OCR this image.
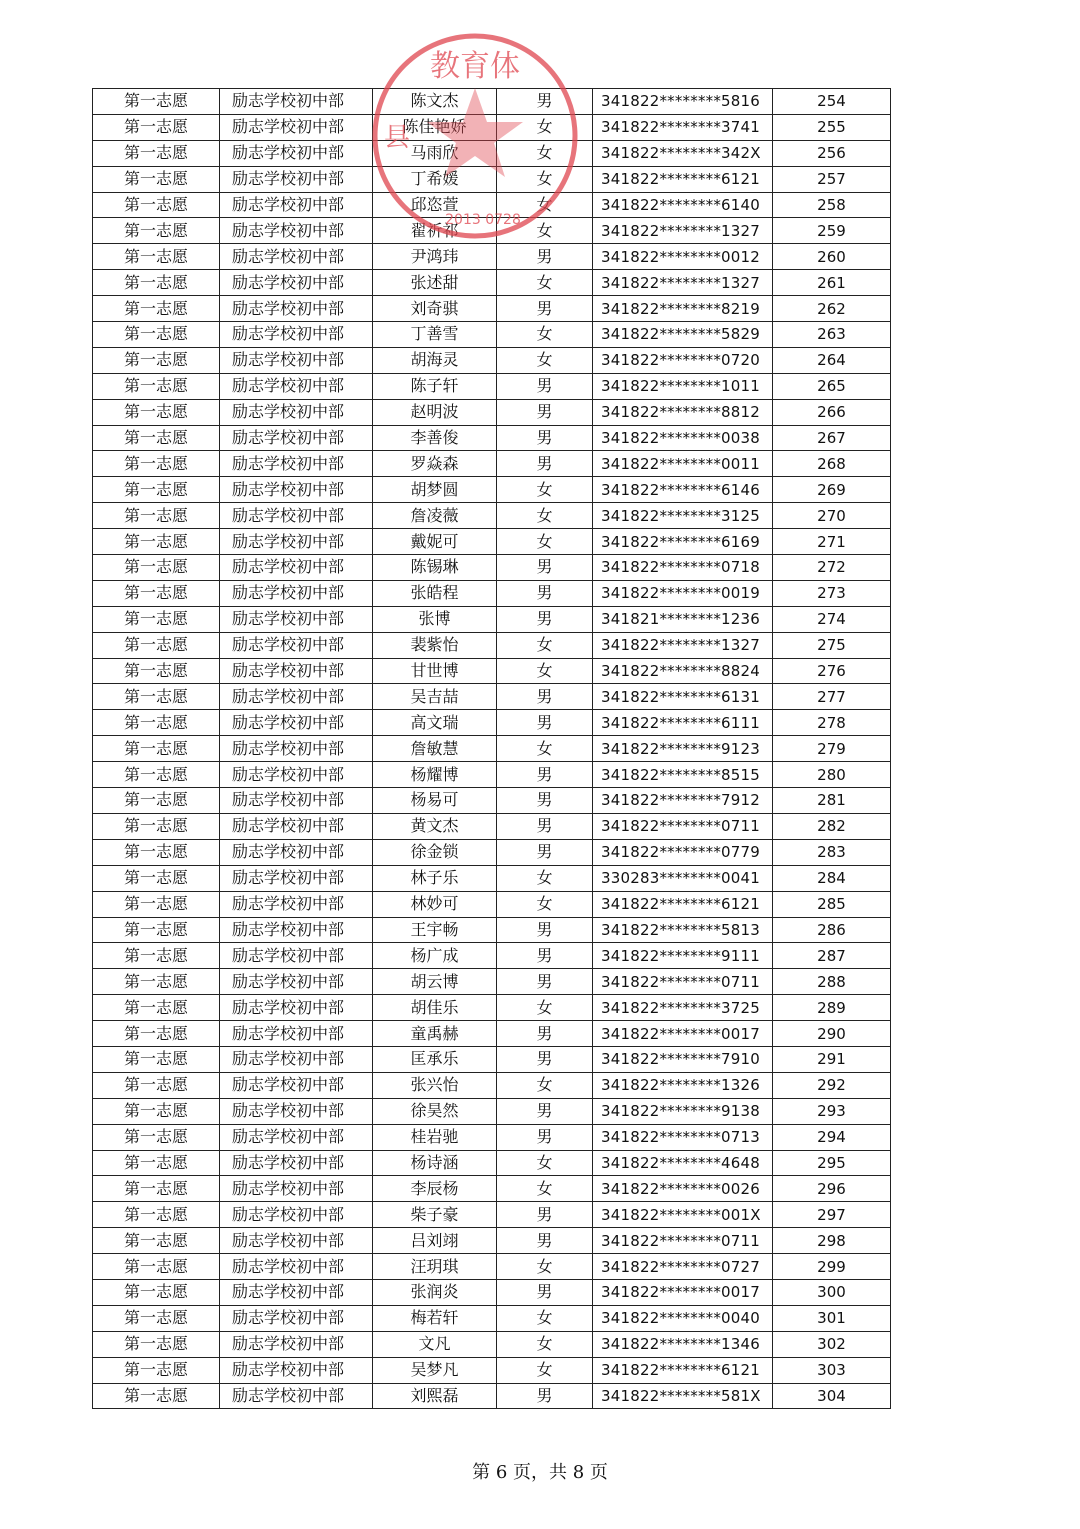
第一志愿	励志学校初中部	陈文杰	男	341822********5816	254
第一志愿	励志学校初中部	陈佳艳娇	女	341822********3741	255
第一志愿	励志学校初中部	马雨欣	女	341822********342X	256
第一志愿	励志学校初中部	丁希媛	女	341822********6121	257
第一志愿	励志学校初中部	邱恣萱	女	341822********6140	258
第一志愿	励志学校初中部	翟祈祁	女	341822********1327	259
第一志愿	励志学校初中部	尹鸿玮	男	341822********0012	260
第一志愿	励志学校初中部	张述甜	女	341822********1327	261
第一志愿	励志学校初中部	刘奇骐	男	341822********8219	262
第一志愿	励志学校初中部	丁善雪	女	341822********5829	263
第一志愿	励志学校初中部	胡海灵	女	341822********0720	264
第一志愿	励志学校初中部	陈子轩	男	341822********1011	265
第一志愿	励志学校初中部	赵明波	男	341822********8812	266
第一志愿	励志学校初中部	李善俊	男	341822********0038	267
第一志愿	励志学校初中部	罗焱森	男	341822********0011	268
第一志愿	励志学校初中部	胡梦圆	女	341822********6146	269
第一志愿	励志学校初中部	詹凌薇	女	341822********3125	270
第一志愿	励志学校初中部	戴妮可	女	341822********6169	271
第一志愿	励志学校初中部	陈锡琳	男	341822********0718	272
第一志愿	励志学校初中部	张皓程	男	341822********0019	273
第一志愿	励志学校初中部	张博	男	341821********1236	274
第一志愿	励志学校初中部	裴紫怡	女	341822********1327	275
第一志愿	励志学校初中部	甘世博	女	341822********8824	276
第一志愿	励志学校初中部	吴吉喆	男	341822********6131	277
第一志愿	励志学校初中部	高文瑞	男	341822********6111	278
第一志愿	励志学校初中部	詹敏慧	女	341822********9123	279
第一志愿	励志学校初中部	杨耀博	男	341822********8515	280
第一志愿	励志学校初中部	杨易可	男	341822********7912	281
第一志愿	励志学校初中部	黄文杰	男	341822********0711	282
第一志愿	励志学校初中部	徐金锁	男	341822********0779	283
第一志愿	励志学校初中部	林子乐	女	330283********0041	284
第一志愿	励志学校初中部	林妙可	女	341822********6121	285
第一志愿	励志学校初中部	王宇畅	男	341822********5813	286
第一志愿	励志学校初中部	杨广成	男	341822********9111	287
第一志愿	励志学校初中部	胡云博	男	341822********0711	288
第一志愿	励志学校初中部	胡佳乐	女	341822********3725	289
第一志愿	励志学校初中部	童禹赫	男	341822********0017	290
第一志愿	励志学校初中部	匡承乐	男	341822********7910	291
第一志愿	励志学校初中部	张兴怡	女	341822********1326	292
第一志愿	励志学校初中部	徐昊然	男	341822********9138	293
第一志愿	励志学校初中部	桂岩驰	男	341822********0713	294
第一志愿	励志学校初中部	杨诗涵	女	341822********4648	295
第一志愿	励志学校初中部	李辰杨	女	341822********0026	296
第一志愿	励志学校初中部	柴子豪	男	341822********001X	297
第一志愿	励志学校初中部	吕刘翊	男	341822********0711	298
第一志愿	励志学校初中部	汪玥琪	女	341822********0727	299
第一志愿	励志学校初中部	张润炎	男	341822********0017	300
第一志愿	励志学校初中部	梅若轩	女	341822********0040	301
第一志愿	励志学校初中部	文凡	女	341822********1346	302
第一志愿	励志学校初中部	吴梦凡	女	341822********6121	303
第一志愿	励志学校初中部	刘熙磊	男	341822********581X	304
教育体
县
2013 0728
第 6 页，共 8 页
